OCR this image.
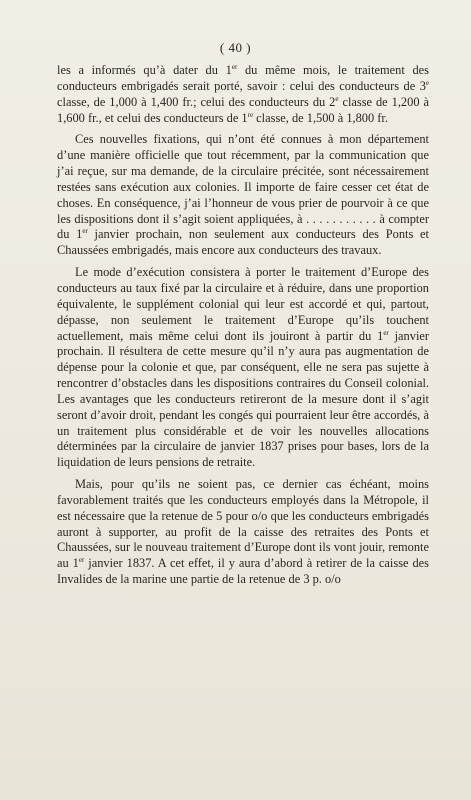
( 40 )

les a informés qu’à dater du 1er du même mois, le traitement des conducteurs embrigadés serait porté, savoir : celui des conducteurs de 3e classe, de 1,000 à 1,400 fr.; celui des conducteurs du 2e classe de 1,200 à 1,600 fr., et celui des conducteurs de 1re classe, de 1,500 à 1,800 fr.

Ces nouvelles fixations, qui n’ont été connues à mon département d’une manière officielle que tout récemment, par la communication que j’ai reçue, sur ma demande, de la circulaire précitée, sont nécessairement restées sans exécution aux colonies. Il importe de faire cesser cet état de choses. En conséquence, j’ai l’honneur de vous prier de pourvoir à ce que les dispositions dont il s’agit soient appliquées, à . . . . . . . . . . . à compter du 1er janvier prochain, non seulement aux conducteurs des Ponts et Chaussées embrigadés, mais encore aux conducteurs des travaux.

Le mode d’exécution consistera à porter le traitement d’Europe des conducteurs au taux fixé par la circulaire et à réduire, dans une proportion équivalente, le supplément colonial qui leur est accordé et qui, partout, dépasse, non seulement le traitement d’Europe qu’ils touchent actuellement, mais même celui dont ils jouiront à partir du 1er janvier prochain. Il résultera de cette mesure qu’il n’y aura pas augmentation de dépense pour la colonie et que, par conséquent, elle ne sera pas sujette à rencontrer d’obstacles dans les dispositions contraires du Conseil colonial. Les avantages que les conducteurs retireront de la mesure dont il s’agit seront d’avoir droit, pendant les congés qui pourraient leur être accordés, à un traitement plus considérable et de voir les nouvelles allocations déterminées par la circulaire de janvier 1837 prises pour bases, lors de la liquidation de leurs pensions de retraite.

Mais, pour qu’ils ne soient pas, ce dernier cas échéant, moins favorablement traités que les conducteurs employés dans la Métropole, il est nécessaire que la retenue de 5 pour o/o que les conducteurs embrigadés auront à supporter, au profit de la caisse des retraites des Ponts et Chaussées, sur le nouveau traitement d’Europe dont ils vont jouir, remonte au 1er janvier 1837. A cet effet, il y aura d’abord à retirer de la caisse des Invalides de la marine une partie de la retenue de 3 p. o/o
